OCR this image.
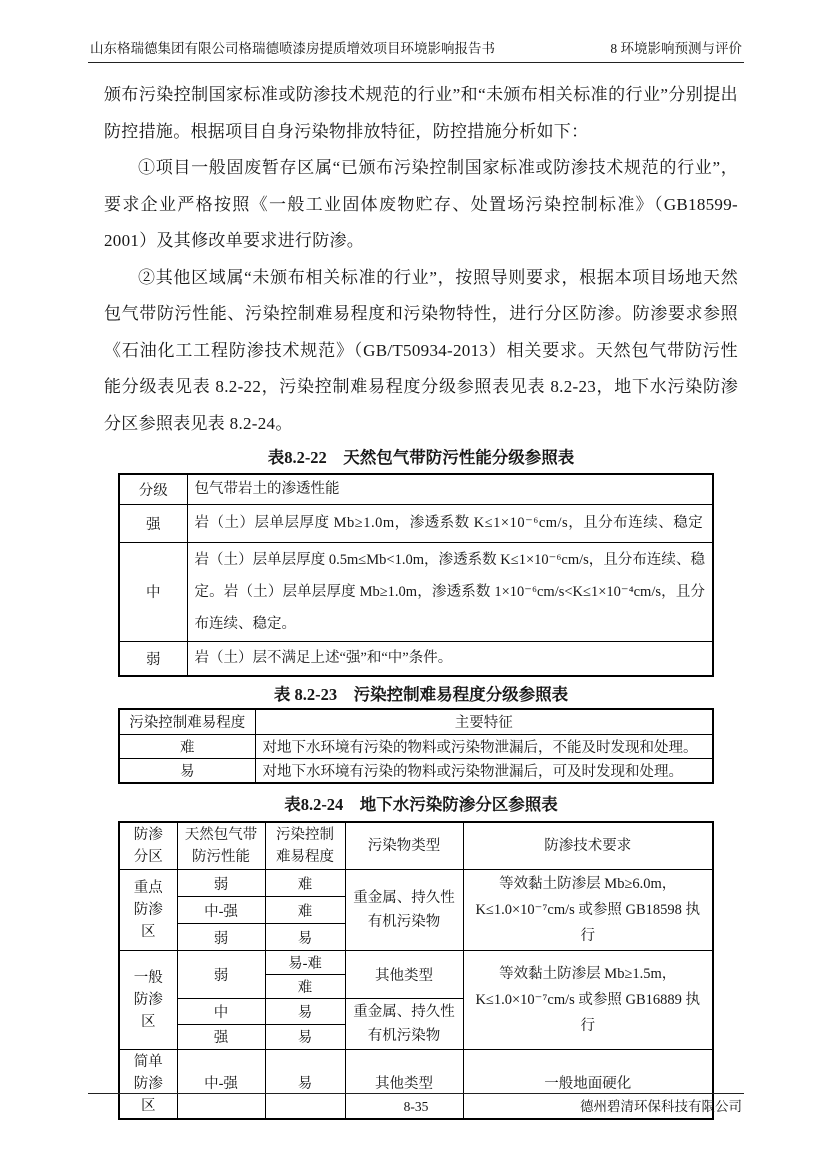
山东格瑞德集团有限公司格瑞德喷漆房提质增效项目环境影响报告书	8 环境影响预测与评价

颁布污染控制国家标准或防渗技术规范的行业”和“未颁布相关标准的行业”分别提出防控措施。根据项目自身污染物排放特征，防控措施分析如下：

①项目一般固废暂存区属“已颁布污染控制国家标准或防渗技术规范的行业”，要求企业严格按照《一般工业固体废物贮存、处置场污染控制标准》（GB18599-2001）及其修改单要求进行防渗。

②其他区域属“未颁布相关标准的行业”，按照导则要求，根据本项目场地天然包气带防污性能、污染控制难易程度和污染物特性，进行分区防渗。防渗要求参照《石油化工工程防渗技术规范》（GB/T50934-2013）相关要求。天然包气带防污性能分级表见表 8.2-22，污染控制难易程度分级参照表见表 8.2-23，地下水污染防渗分区参照表见表 8.2-24。

表8.2-22　天然包气带防污性能分级参照表
分级	包气带岩土的渗透性能
强	岩（土）层单层厚度 Mb≥1.0m，渗透系数 K≤1×10⁻⁶cm/s，且分布连续、稳定
中	岩（土）层单层厚度 0.5m≤Mb<1.0m，渗透系数 K≤1×10⁻⁶cm/s，且分布连续、稳定。岩（土）层单层厚度 Mb≥1.0m，渗透系数 1×10⁻⁶cm/s<K≤1×10⁻⁴cm/s，且分布连续、稳定。
弱	岩（土）层不满足上述“强”和“中”条件。
表 8.2-23　污染控制难易程度分级参照表
污染控制难易程度	主要特征
难	对地下水环境有污染的物料或污染物泄漏后，不能及时发现和处理。
易	对地下水环境有污染的物料或污染物泄漏后，可及时发现和处理。
表8.2-24　地下水污染防渗分区参照表
防渗分区	天然包气带防污性能	污染控制难易程度	污染物类型	防渗技术要求
重点防渗区	弱	难	重金属、持久性有机污染物	等效黏土防渗层 Mb≥6.0m，K≤1.0×10⁻⁷cm/s 或参照 GB18598 执行
	中-强	难		
	弱	易		
一般防渗区	弱	易-难	其他类型	等效黏土防渗层 Mb≥1.5m，K≤1.0×10⁻⁷cm/s 或参照 GB16889 执行
		难		
	中	易	重金属、持久性有机污染物	
	强	易		
简单防渗区	中-强	易	其他类型	一般地面硬化
8-35	德州碧清环保科技有限公司
